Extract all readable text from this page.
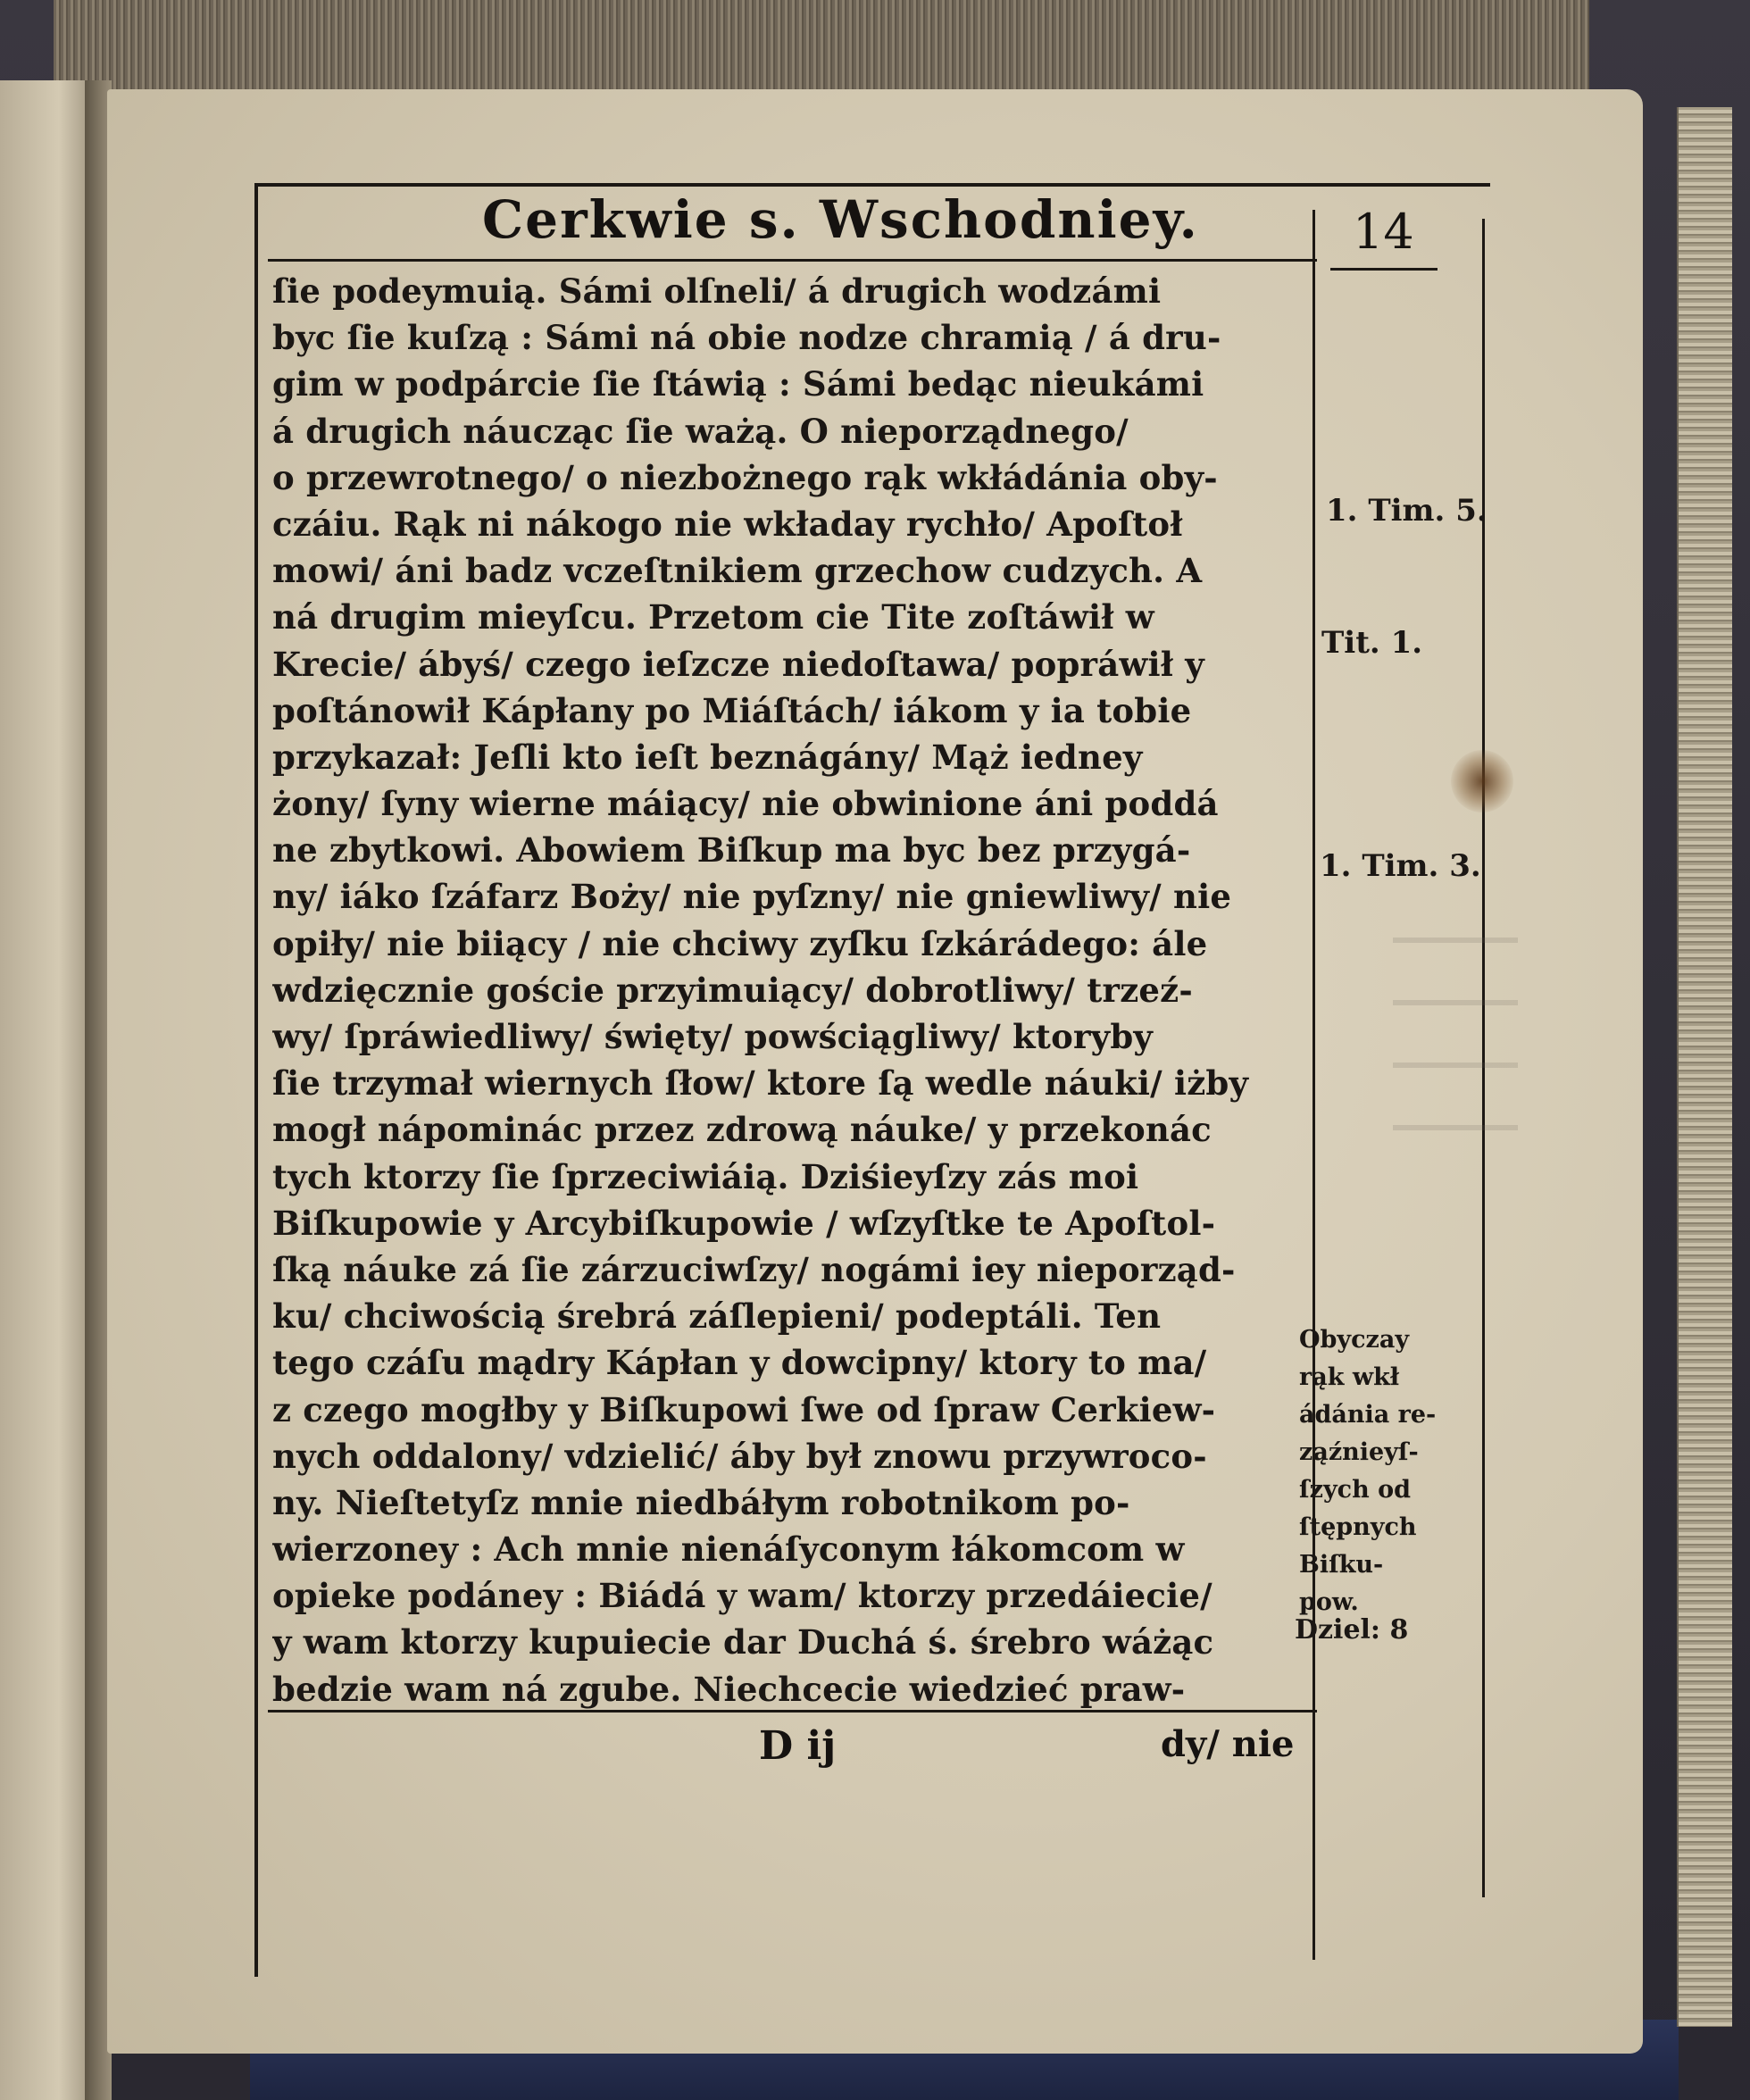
Cerkwie s. Wschodniey.	14
ſie podeymuią. Sámi olſneli/ á drugich wodzámi
byc ſie kuſzą : Sámi ná obie nodze chramią / á dru-
gim w podpárcie ſie ſtáwią : Sámi bedąc nieukámi
á drugich náucząc ſie ważą. O nieporządnego/
o przewrotnego/ o niezbożnego rąk wkłádánia oby-
czáiu. Rąk ni nákogo nie wkładay rychło/ Apoſtoł
mowi/ áni badz vczeſtnikiem grzechow cudzych. A
ná drugim mieyſcu. Przetom cie Tite zoſtáwił w
Krecie/ ábyś/ czego ieſzcze niedoſtawa/ popráwił y
poſtánowił Kápłany po Miáſtách/ iákom y ia tobie
przykazał: Jeſli kto ieſt beznágány/ Mąż iedney
żony/ ſyny wierne máiący/ nie obwinione áni poddá
ne zbytkowi. Abowiem Biſkup ma byc bez przygá-
ny/ iáko ſzáfarz Boży/ nie pyſzny/ nie gniewliwy/ nie
opiły/ nie biiący / nie chciwy zyſku ſzkárádego: ále
wdzięcznie goście przyimuiący/ dobrotliwy/ trzeź-
wy/ ſpráwiedliwy/ święty/ powściągliwy/ ktoryby
ſie trzymał wiernych ſłow/ ktore ſą wedle náuki/ iżby
mogł nápominác przez zdrową náuke/ y przekonác
tych ktorzy ſie ſprzeciwiáią. Dziśieyſzy zás moi
Biſkupowie y Arcybiſkupowie / wſzyſtke te Apoſtol-
ſką náuke zá ſie zárzuciwſzy/ nogámi iey nieporząd-
ku/ chciwością śrebrá záſlepieni/ podeptáli. Ten
tego czáſu mądry Kápłan y dowcipny/ ktory to ma/
z czego mogłby y Biſkupowi ſwe od ſpraw Cerkiew-
nych oddalony/ vdzielić/ áby był znowu przywroco-
ny. Nieſtetyſz mnie niedbáłym robotnikom po-
wierzoney : Ach mnie nienáſyconym łákomcom w
opieke podáney : Biádá y wam/ ktorzy przedáiecie/
y wam ktorzy kupuiecie dar Duchá ś. śrebro wáżąc
bedzie wam ná zgube. Niechcecie wiedzieć praw-
1. Tim. 5.
Tit. 1.
1. Tim. 3.
Obyczay
rąk wkł
ádánia re-
ząźnieyſ-
ſzych od
ſtępnych
Biſku-
pow.
Dziel: 8
D ij	dy/ nie
